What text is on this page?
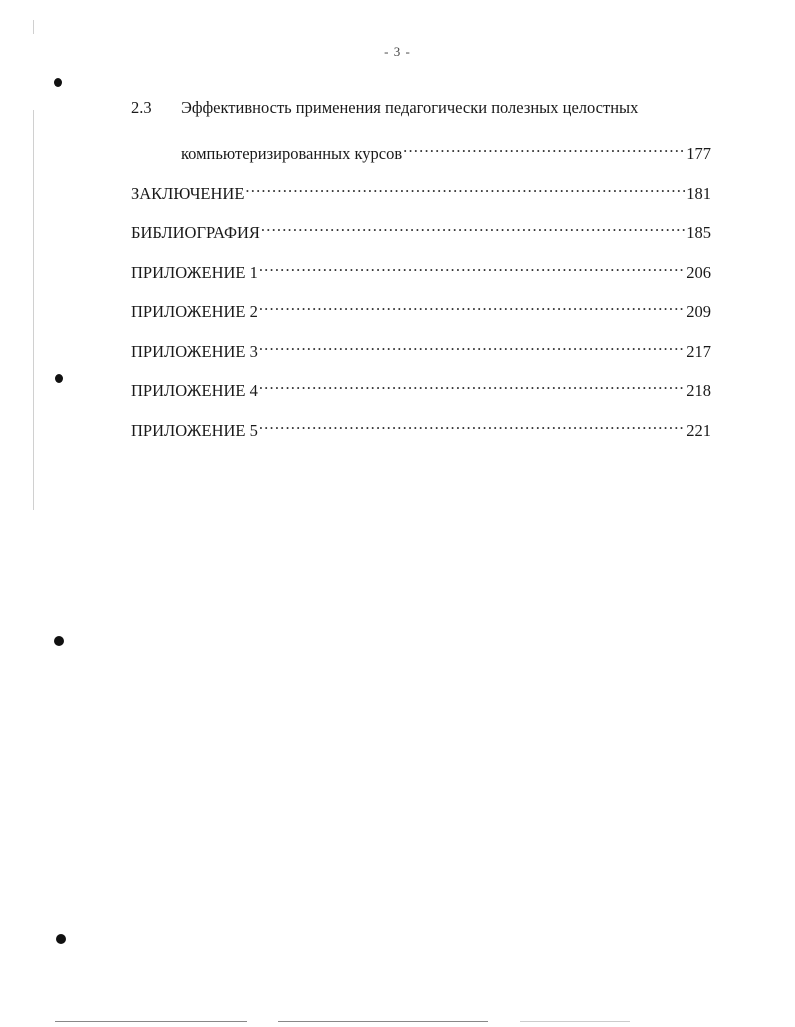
- 3 -
2.3 Эффективность применения педагогически полезных целостных
компьютеризированных курсов .....	177
ЗАКЛЮЧЕНИЕ .....	181
БИБЛИОГРАФИЯ .....	185
ПРИЛОЖЕНИЕ 1 .....	206
ПРИЛОЖЕНИЕ 2 .....	209
ПРИЛОЖЕНИЕ 3 .....	217
ПРИЛОЖЕНИЕ 4 .....	218
ПРИЛОЖЕНИЕ 5 .....	221
